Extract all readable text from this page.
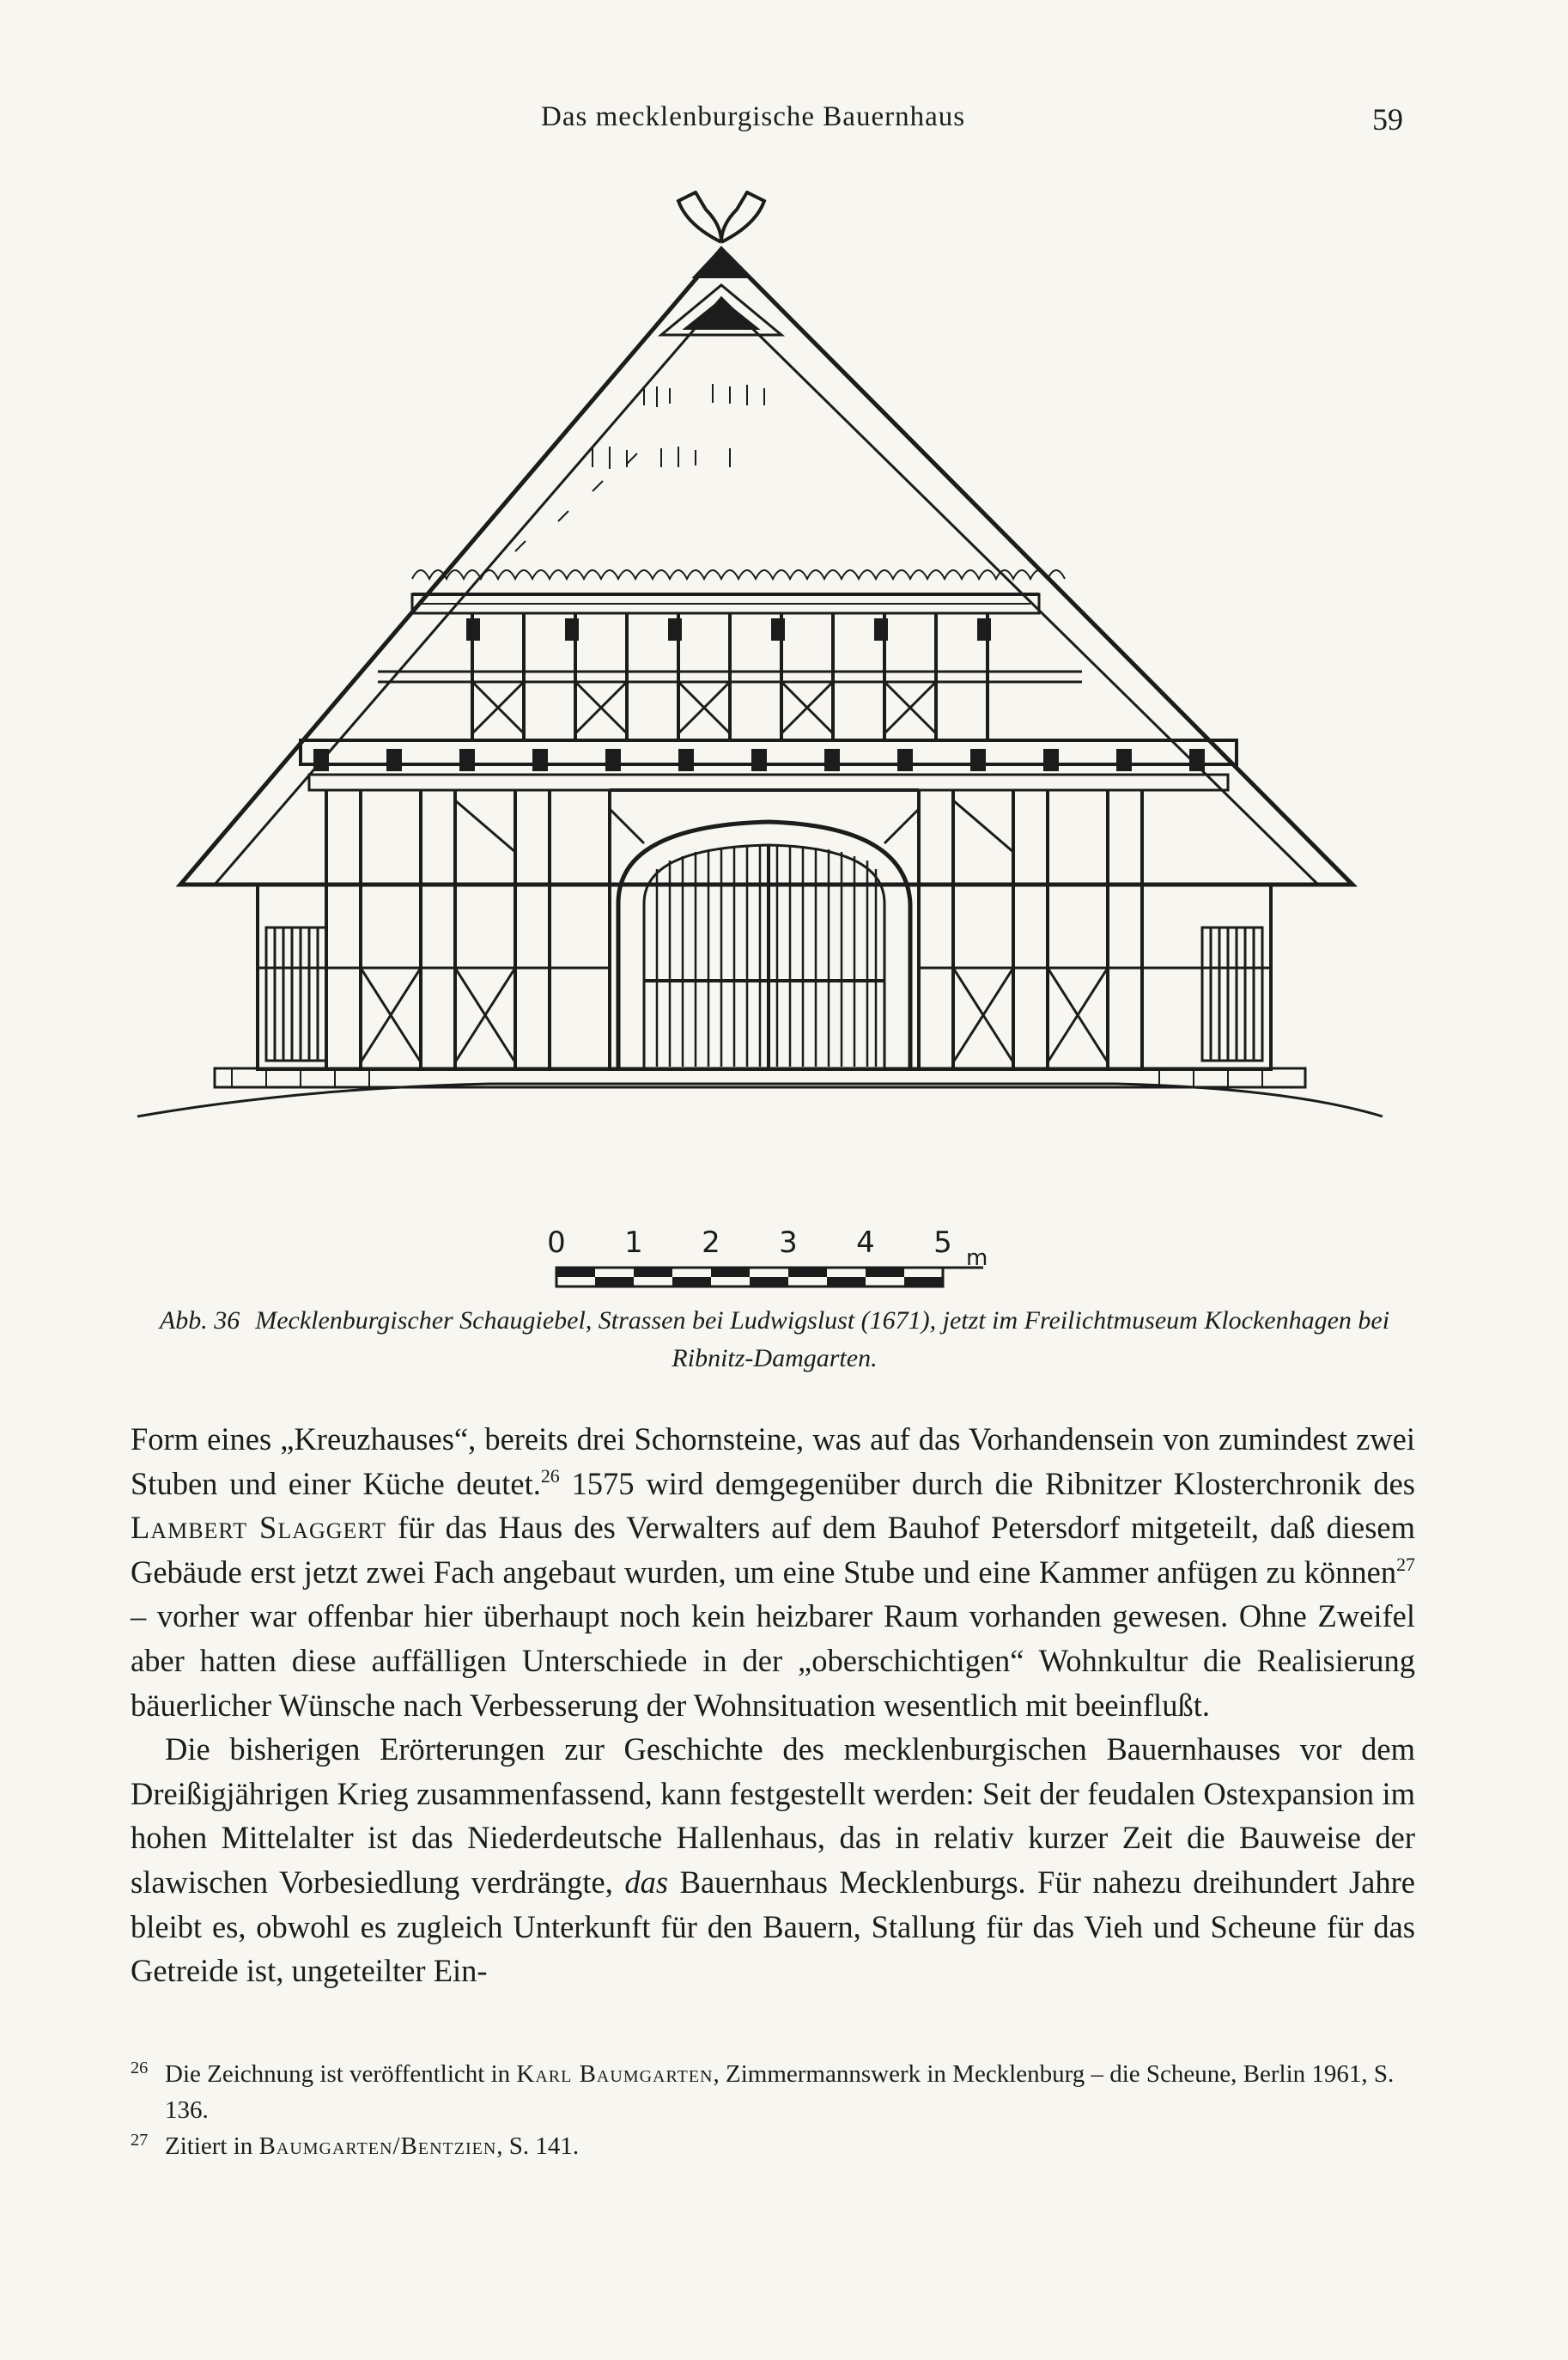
Das mecklenburgische Bauernhaus	59
0 1 2 3 4 5 m
Abb. 36 Mecklenburgischer Schaugiebel, Strassen bei Ludwigslust (1671), jetzt im Freilichtmuseum Klockenhagen bei Ribnitz-Damgarten.

Form eines „Kreuzhauses“, bereits drei Schornsteine, was auf das Vorhandensein von zumindest zwei Stuben und einer Küche deutet.$^{26}$ 1575 wird demgegenüber durch die Ribnitzer Klosterchronik des Lambert Slaggert für das Haus des Verwalters auf dem Bauhof Petersdorf mitgeteilt, daß diesem Gebäude erst jetzt zwei Fach angebaut wurden, um eine Stube und eine Kammer anfügen zu können$^{27}$ – vorher war offenbar hier überhaupt noch kein heizbarer Raum vorhanden gewesen. Ohne Zweifel aber hatten diese auffälligen Unterschiede in der „oberschichtigen“ Wohnkultur die Realisierung bäuerlicher Wünsche nach Verbesserung der Wohnsituation wesentlich mit beeinflußt.

Die bisherigen Erörterungen zur Geschichte des mecklenburgischen Bauernhauses vor dem Dreißigjährigen Krieg zusammenfassend, kann festgestellt werden: Seit der feudalen Ostexpansion im hohen Mittelalter ist das Niederdeutsche Hallenhaus, das in relativ kurzer Zeit die Bauweise der slawischen Vorbesiedlung verdrängte, das Bauernhaus Mecklenburgs. Für nahezu dreihundert Jahre bleibt es, obwohl es zugleich Unterkunft für den Bauern, Stallung für das Vieh und Scheune für das Getreide ist, ungeteilter Ein-

26 Die Zeichnung ist veröffentlicht in Karl Baumgarten, Zimmermannswerk in Mecklenburg – die Scheune, Berlin 1961, S. 136.
27 Zitiert in Baumgarten/Bentzien, S. 141.
